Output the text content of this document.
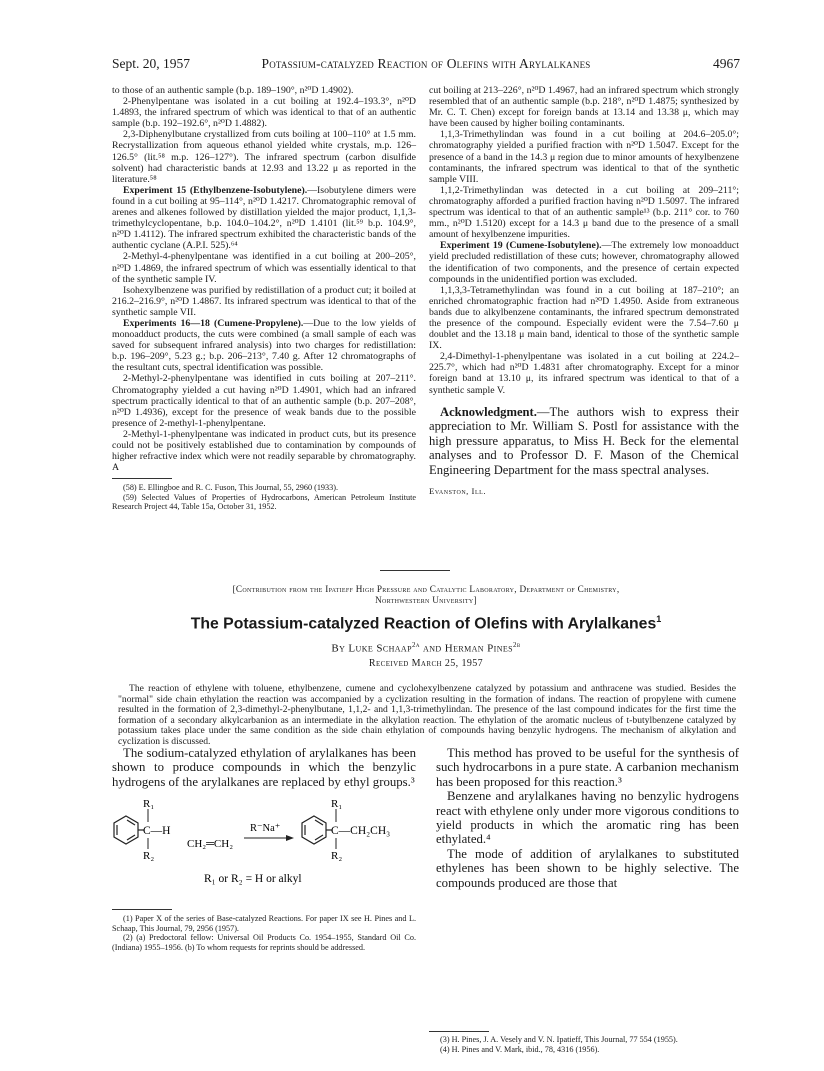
Sept. 20, 1957	Potassium-catalyzed Reaction of Olefins with Arylalkanes	4967

to those of an authentic sample (b.p. 189–190°, n²⁰D 1.4902).

2-Phenylpentane was isolated in a cut boiling at 192.4–193.3°, n²⁰D 1.4893, the infrared spectrum of which was identical to that of an authentic sample (b.p. 192–192.6°, n²⁰D 1.4882).

2,3-Diphenylbutane crystallized from cuts boiling at 100–110° at 1.5 mm. Recrystallization from aqueous ethanol yielded white crystals, m.p. 126–126.5° (lit.⁵⁸ m.p. 126–127°). The infrared spectrum (carbon disulfide solvent) had characteristic bands at 12.93 and 13.22 μ as reported in the literature.⁵⁸

Experiment 15 (Ethylbenzene-Isobutylene).—Isobutylene dimers were found in a cut boiling at 95–114°, n²⁰D 1.4217. Chromatographic removal of arenes and alkenes followed by distillation yielded the major product, 1,1,3-trimethylcyclopentane, b.p. 104.0–104.2°, n²⁰D 1.4101 (lit.⁵⁹ b.p. 104.9°, n²⁰D 1.4112). The infrared spectrum exhibited the characteristic bands of the authentic cyclane (A.P.I. 525).⁶⁴

2-Methyl-4-phenylpentane was identified in a cut boiling at 200–205°, n²⁰D 1.4869, the infrared spectrum of which was essentially identical to that of the synthetic sample IV.

Isohexylbenzene was purified by redistillation of a product cut; it boiled at 216.2–216.9°, n²⁰D 1.4867. Its infrared spectrum was identical to that of the synthetic sample VII.

Experiments 16—18 (Cumene-Propylene).—Due to the low yields of monoadduct products, the cuts were combined (a small sample of each was saved for subsequent infrared analysis) into two charges for redistillation: b.p. 196–209°, 5.23 g.; b.p. 206–213°, 7.40 g. After 12 chromatographs of the resultant cuts, spectral identification was possible.

2-Methyl-2-phenylpentane was identified in cuts boiling at 207–211°. Chromatography yielded a cut having n²⁰D 1.4901, which had an infrared spectrum practically identical to that of an authentic sample (b.p. 207–208°, n²⁰D 1.4936), except for the presence of weak bands due to the possible presence of 2-methyl-1-phenylpentane.

2-Methyl-1-phenylpentane was indicated in product cuts, but its presence could not be positively established due to contamination by compounds of higher refractive index which were not readily separable by chromatography. A

(58) E. Ellingboe and R. C. Fuson, This Journal, 55, 2960 (1933).

(59) Selected Values of Properties of Hydrocarbons, American Petroleum Institute Research Project 44, Table 15a, October 31, 1952.

cut boiling at 213–226°, n²⁰D 1.4967, had an infrared spectrum which strongly resembled that of an authentic sample (b.p. 218°, n²⁰D 1.4875; synthesized by Mr. C. T. Chen) except for foreign bands at 13.14 and 13.38 μ, which may have been caused by higher boiling contaminants.

1,1,3-Trimethylindan was found in a cut boiling at 204.6–205.0°; chromatography yielded a purified fraction with n²⁰D 1.5047. Except for the presence of a band in the 14.3 μ region due to minor amounts of hexylbenzene contaminants, the infrared spectrum was identical to that of the synthetic sample VIII.

1,1,2-Trimethylindan was detected in a cut boiling at 209–211°; chromatography afforded a purified fraction having n²⁰D 1.5097. The infrared spectrum was identical to that of an authentic sample¹³ (b.p. 211° cor. to 760 mm., n²⁰D 1.5120) except for a 14.3 μ band due to the presence of a small amount of hexylbenzene impurities.

Experiment 19 (Cumene-Isobutylene).—The extremely low monoadduct yield precluded redistillation of these cuts; however, chromatography allowed the identification of two components, and the presence of certain expected compounds in the unidentified portion was excluded.

1,1,3,3-Tetramethylindan was found in a cut boiling at 187–210°; an enriched chromatographic fraction had n²⁰D 1.4950. Aside from extraneous bands due to alkylbenzene contaminants, the infrared spectrum demonstrated the presence of the compound. Especially evident were the 7.54–7.60 μ doublet and the 13.18 μ main band, identical to those of the synthetic sample IX.

2,4-Dimethyl-1-phenylpentane was isolated in a cut boiling at 224.2–225.7°, which had n²⁰D 1.4831 after chromatography. Except for a minor foreign band at 13.10 μ, its infrared spectrum was identical to that of a synthetic sample V.

Acknowledgment.—The authors wish to express their appreciation to Mr. William S. Postl for assistance with the high pressure apparatus, to Miss H. Beck for the elemental analyses and to Professor D. F. Mason of the Chemical Engineering Department for the mass spectral analyses.

Evanston, Ill.
[Contribution from the Ipatieff High Pressure and Catalytic Laboratory, Department of Chemistry,
Northwestern University]
The Potassium-catalyzed Reaction of Olefins with Arylalkanes$^1$
By Luke Schaap$^{2a}$ and Herman Pines$^{2b}$
Received March 25, 1957
The reaction of ethylene with toluene, ethylbenzene, cumene and cyclohexylbenzene catalyzed by potassium and anthracene was studied. Besides the "normal" side chain ethylation the reaction was accompanied by a cyclization resulting in the formation of indans. The reaction of propylene with cumene resulted in the formation of 2,3-dimethyl-2-phenylbutane, 1,1,2- and 1,1,3-trimethylindan. The presence of the last compound indicates for the first time the formation of a secondary alkylcarbanion as an intermediate in the alkylation reaction. The ethylation of the aromatic nucleus of t-butylbenzene catalyzed by potassium takes place under the same condition as the side chain ethylation of compounds having benzylic hydrogens. The mechanism of alkylation and cyclization is discussed.

The sodium-catalyzed ethylation of arylalkanes has been shown to produce compounds in which the benzylic hydrogens of the arylalkanes are replaced by ethyl groups.³

R₁
C—H
R₂
CH₂═CH₂
R⁻Na⁺
R₁
C—CH₂CH₃
R₂
R₁ or R₂ = H or alkyl

(1) Paper X of the series of Base-catalyzed Reactions. For paper IX see H. Pines and L. Schaap, This Journal, 79, 2956 (1957).

(2) (a) Predoctoral fellow: Universal Oil Products Co. 1954–1955, Standard Oil Co. (Indiana) 1955–1956. (b) To whom requests for reprints should be addressed.

This method has proved to be useful for the synthesis of such hydrocarbons in a pure state. A carbanion mechanism has been proposed for this reaction.³

Benzene and arylalkanes having no benzylic hydrogens react with ethylene only under more vigorous conditions to yield products in which the aromatic ring has been ethylated.⁴

The mode of addition of arylalkanes to substituted ethylenes has been shown to be highly selective. The compounds produced are those that

(3) H. Pines, J. A. Vesely and V. N. Ipatieff, This Journal, 77 554 (1955).

(4) H. Pines and V. Mark, ibid., 78, 4316 (1956).
